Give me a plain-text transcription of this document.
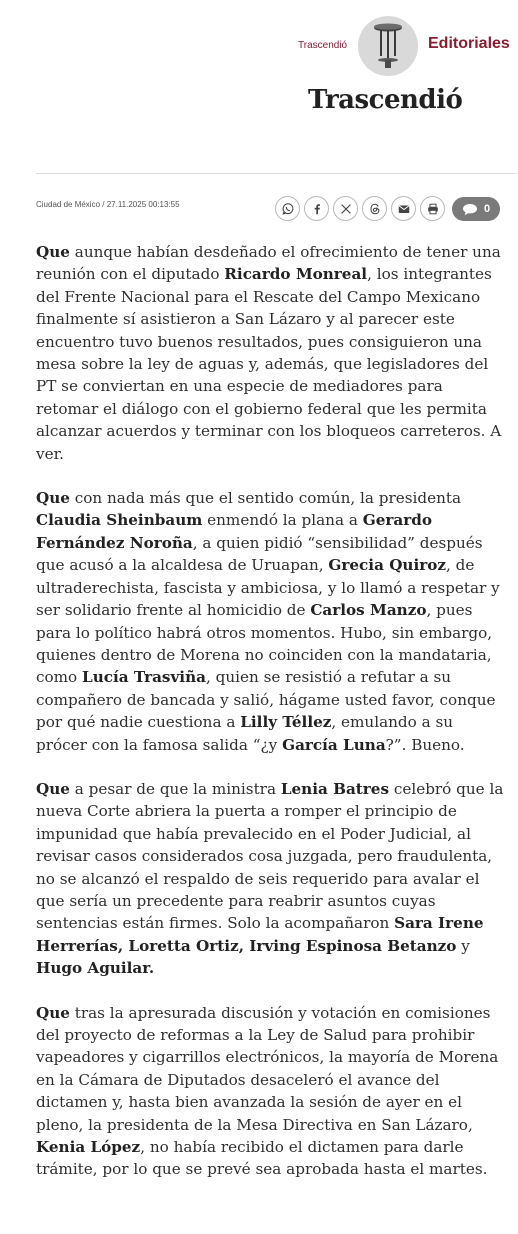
Trascendió	Editoriales
Trascendió
Ciudad de México / 27.11.2025 00:13:55	0

Que aunque habían desdeñado el ofrecimiento de tener una reunión con el diputado Ricardo Monreal, los integrantes del Frente Nacional para el Rescate del Campo Mexicano finalmente sí asistieron a San Lázaro y al parecer este encuentro tuvo buenos resultados, pues consiguieron una mesa sobre la ley de aguas y, además, que legisladores del PT se conviertan en una especie de mediadores para retomar el diálogo con el gobierno federal que les permita alcanzar acuerdos y terminar con los bloqueos carreteros. A ver.

Que con nada más que el sentido común, la presidenta Claudia Sheinbaum enmendó la plana a Gerardo Fernández Noroña, a quien pidió “sensibilidad” después que acusó a la alcaldesa de Uruapan, Grecia Quiroz, de ultraderechista, fascista y ambiciosa, y lo llamó a respetar y ser solidario frente al homicidio de Carlos Manzo, pues para lo político habrá otros momentos. Hubo, sin embargo, quienes dentro de Morena no coinciden con la mandataria, como Lucía Trasviña, quien se resistió a refutar a su compañero de bancada y salió, hágame usted favor, conque por qué nadie cuestiona a Lilly Téllez, emulando a su prócer con la famosa salida “¿y García Luna?”. Bueno.

Que a pesar de que la ministra Lenia Batres celebró que la nueva Corte abriera la puerta a romper el principio de impunidad que había prevalecido en el Poder Judicial, al revisar casos considerados cosa juzgada, pero fraudulenta, no se alcanzó el respaldo de seis requerido para avalar el que sería un precedente para reabrir asuntos cuyas sentencias están firmes. Solo la acompañaron Sara Irene Herrerías, Loretta Ortiz, Irving Espinosa Betanzo y Hugo Aguilar.

Que tras la apresurada discusión y votación en comisiones del proyecto de reformas a la Ley de Salud para prohibir vapeadores y cigarrillos electrónicos, la mayoría de Morena en la Cámara de Diputados desaceleró el avance del dictamen y, hasta bien avanzada la sesión de ayer en el pleno, la presidenta de la Mesa Directiva en San Lázaro, Kenia López, no había recibido el dictamen para darle trámite, por lo que se prevé sea aprobada hasta el martes.
